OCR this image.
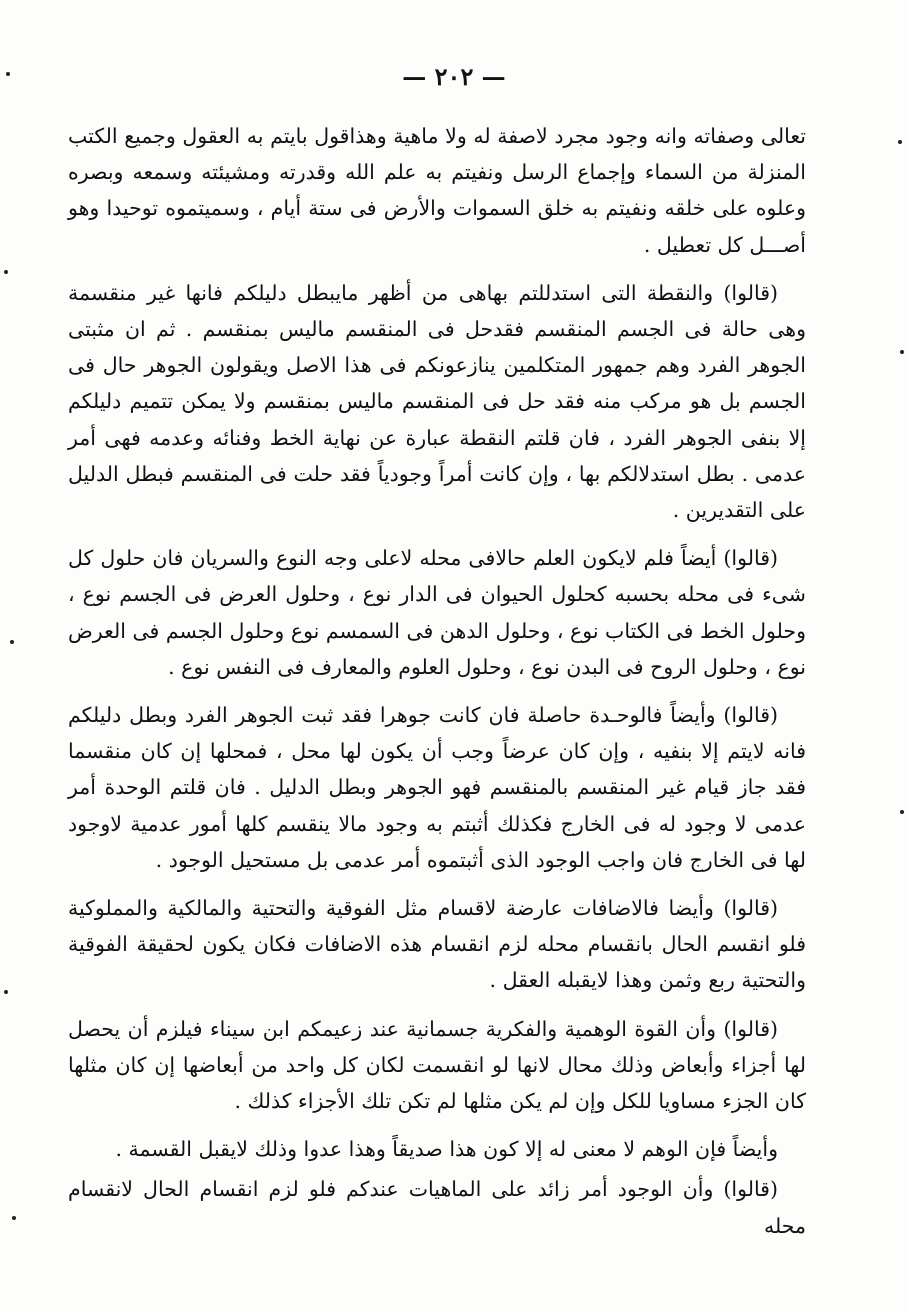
— ٢٠٢ —

تعالى وصفاته وانه وجود مجرد لاصفة له ولا ماهية وهذاقول بايتم به العقول وجميع الكتب المنزلة من السماء وإجماع الرسل ونفيتم به علم الله وقدرته ومشيئته وسمعه وبصره وعلوه على خلقه ونفيتم به خلق السموات والأرض فى ستة أيام ، وسميتموه توحيدا وهو أصـــل كل تعطيل .

(قالوا) والنقطة التى استدللتم بهاهى من أظهر مايبطل دليلكم فانها غير منقسمة وهى حالة فى الجسم المنقسم فقدحل فى المنقسم ماليس بمنقسم . ثم ان مثبتى الجوهر الفرد وهم جمهور المتكلمين ينازعونكم فى هذا الاصل ويقولون الجوهر حال فى الجسم بل هو مركب منه فقد حل فى المنقسم ماليس بمنقسم ولا يمكن تتميم دليلكم إلا بنفى الجوهر الفرد ، فان قلتم النقطة عبارة عن نهاية الخط وفنائه وعدمه فهى أمر عدمى . بطل استدلالكم بها ، وإن كانت أمراً وجودياً فقد حلت فى المنقسم فبطل الدليل على التقديرين .

(قالوا) أيضاً فلم لايكون العلم حالافى محله لاعلى وجه النوع والسريان فان حلول كل شىء فى محله بحسبه كحلول الحيوان فى الدار نوع ، وحلول العرض فى الجسم نوع ، وحلول الخط فى الكتاب نوع ، وحلول الدهن فى السمسم نوع وحلول الجسم فى العرض نوع ، وحلول الروح فى البدن نوع ، وحلول العلوم والمعارف فى النفس نوع .

(قالوا) وأيضاً فالوحـدة حاصلة فان كانت جوهرا فقد ثبت الجوهر الفرد وبطل دليلكم فانه لايتم إلا بنفيه ، وإن كان عرضاً وجب أن يكون لها محل ، فمحلها إن كان منقسما فقد جاز قيام غير المنقسم بالمنقسم فهو الجوهر وبطل الدليل . فان قلتم الوحدة أمر عدمى لا وجود له فى الخارج فكذلك أثبتم به وجود مالا ينقسم كلها أمور عدمية لاوجود لها فى الخارج فان واجب الوجود الذى أثبتموه أمر عدمى بل مستحيل الوجود .

(قالوا) وأيضا فالاضافات عارضة لاقسام مثل الفوقية والتحتية والمالكية والمملوكية فلو انقسم الحال بانقسام محله لزم انقسام هذه الاضافات فكان يكون لحقيقة الفوقية والتحتية ربع وثمن وهذا لايقبله العقل .

(قالوا) وأن القوة الوهمية والفكرية جسمانية عند زعيمكم ابن سيناء فيلزم أن يحصل لها أجزاء وأبعاض وذلك محال لانها لو انقسمت لكان كل واحد من أبعاضها إن كان مثلها كان الجزء مساويا للكل وإن لم يكن مثلها لم تكن تلك الأجزاء كذلك .

وأيضاً فإن الوهم لا معنى له إلا كون هذا صديقاً وهذا عدوا وذلك لايقبل القسمة .

(قالوا) وأن الوجود أمر زائد على الماهيات عندكم فلو لزم انقسام الحال لانقسام محله
